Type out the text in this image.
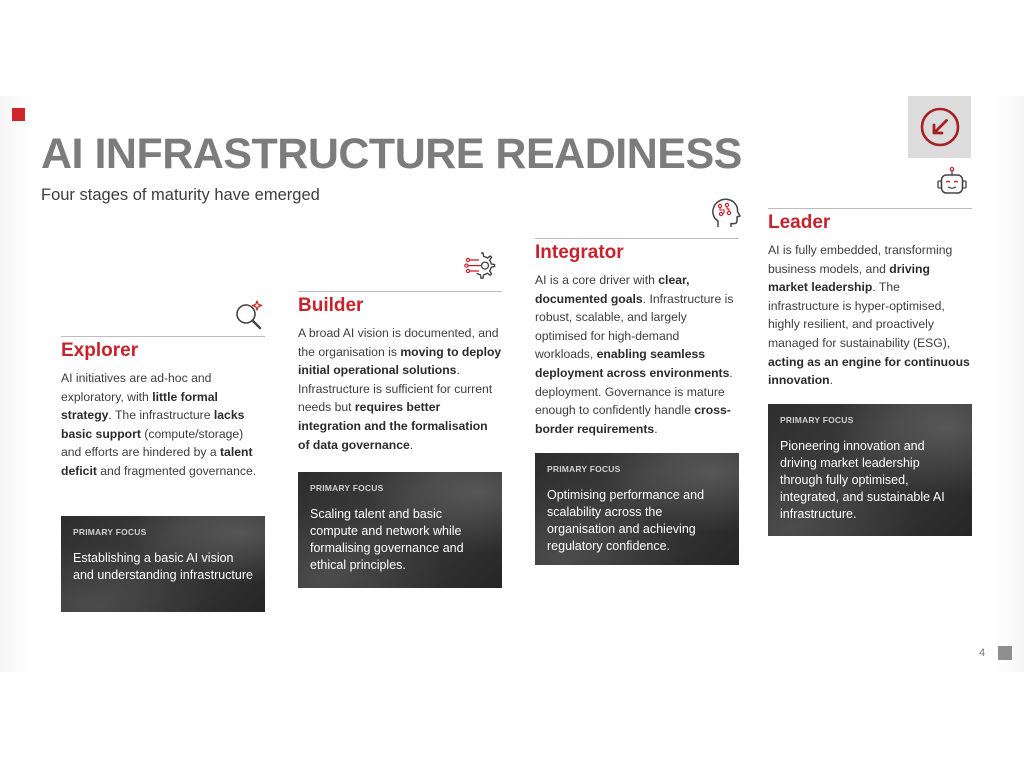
AI INFRASTRUCTURE READINESS
Four stages of maturity have emerged
Explorer
AI initiatives are ad-hoc and exploratory, with little formal strategy. The infrastructure lacks basic support (compute/storage) and efforts are hindered by a talent deficit and fragmented governance.
PRIMARY FOCUS
Establishing a basic AI vision and understanding infrastructure
Builder
A broad AI vision is documented, and the organisation is moving to deploy initial operational solutions. Infrastructure is sufficient for current needs but requires better integration and the formalisation of data governance.
PRIMARY FOCUS
Scaling talent and basic compute and network while formalising governance and ethical principles.
Integrator
AI is a core driver with clear, documented goals. Infrastructure is robust, scalable, and largely optimised for high-demand workloads, enabling seamless deployment across environments. deployment. Governance is mature enough to confidently handle cross-border requirements.
PRIMARY FOCUS
Optimising performance and scalability across the organisation and achieving regulatory confidence.
Leader
AI is fully embedded, transforming business models, and driving market leadership. The infrastructure is hyper-optimised, highly resilient, and proactively managed for sustainability (ESG), acting as an engine for continuous innovation.
PRIMARY FOCUS
Pioneering innovation and driving market leadership through fully optimised, integrated, and sustainable AI infrastructure.
4
